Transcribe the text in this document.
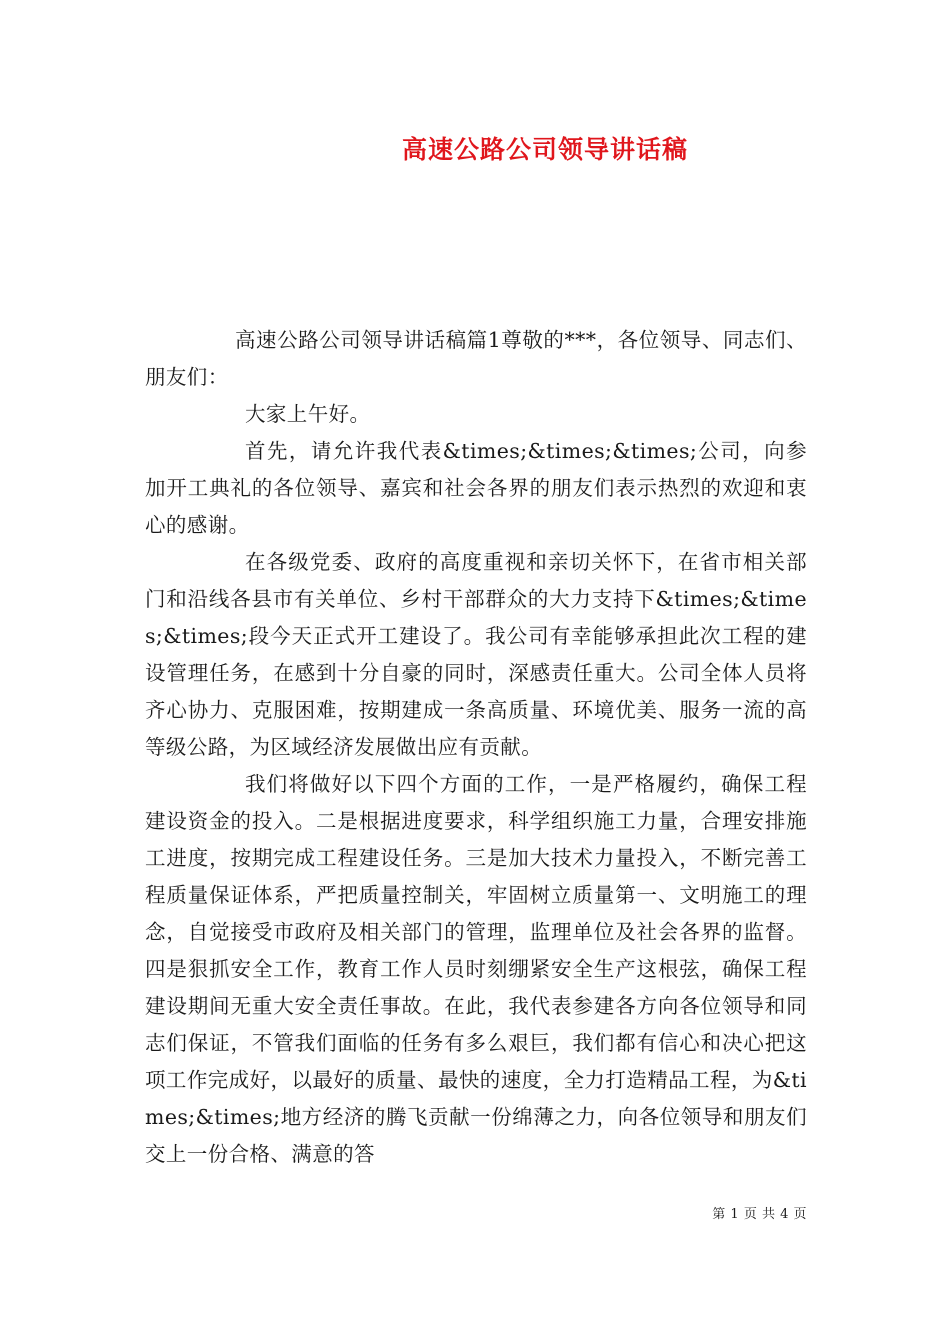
高速公路公司领导讲话稿

高速公路公司领导讲话稿篇1尊敬的***，各位领导、同志们、朋友们：

大家上午好。

首先，请允许我代表&times;&times;&times;公司，向参加开工典礼的各位领导、嘉宾和社会各界的朋友们表示热烈的欢迎和衷心的感谢。

在各级党委、政府的高度重视和亲切关怀下，在省市相关部门和沿线各县市有关单位、乡村干部群众的大力支持下&times;&times;&times;段今天正式开工建设了。我公司有幸能够承担此次工程的建设管理任务，在感到十分自豪的同时，深感责任重大。公司全体人员将齐心协力、克服困难，按期建成一条高质量、环境优美、服务一流的高等级公路，为区域经济发展做出应有贡献。

我们将做好以下四个方面的工作，一是严格履约，确保工程建设资金的投入。二是根据进度要求，科学组织施工力量，合理安排施工进度，按期完成工程建设任务。三是加大技术力量投入，不断完善工程质量保证体系，严把质量控制关，牢固树立质量第一、文明施工的理念，自觉接受市政府及相关部门的管理，监理单位及社会各界的监督。四是狠抓安全工作，教育工作人员时刻绷紧安全生产这根弦，确保工程建设期间无重大安全责任事故。在此，我代表参建各方向各位领导和同志们保证，不管我们面临的任务有多么艰巨，我们都有信心和决心把这项工作完成好，以最好的质量、最快的速度，全力打造精品工程，为&times;&times;地方经济的腾飞贡献一份绵薄之力，向各位领导和朋友们交上一份合格、满意的答

第 1 页 共 4 页
